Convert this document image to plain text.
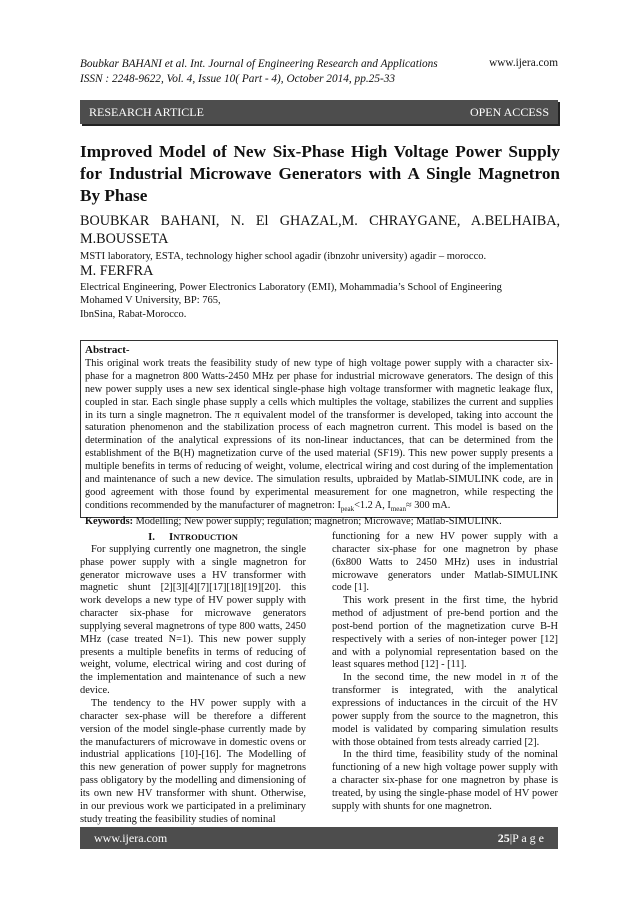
Boubkar BAHANI et al. Int. Journal of Engineering Research and Applications
ISSN : 2248-9622, Vol. 4, Issue 10( Part - 4), October 2014, pp.25-33
www.ijera.com
RESEARCH ARTICLE	OPEN ACCESS
Improved Model of New Six-Phase High Voltage Power Supply for Industrial Microwave Generators with A Single Magnetron By Phase
BOUBKAR BAHANI, N. El GHAZAL,M. CHRAYGANE, A.BELHAIBA, M.BOUSSETA
MSTI laboratory, ESTA, technology higher school agadir (ibnzohr university) agadir – morocco.
M. FERFRA
Electrical Engineering, Power Electronics Laboratory (EMI), Mohammadia’s School of Engineering
Mohamed V University, BP: 765,
IbnSina, Rabat-Morocco.
Abstract-
This original work treats the feasibility study of new type of high voltage power supply with a character six-phase for a magnetron 800 Watts-2450 MHz per phase for industrial microwave generators. The design of this new power supply uses a new sex identical single-phase high voltage transformer with magnetic leakage flux, coupled in star. Each single phase supply a cells which multiples the voltage, stabilizes the current and supplies in its turn a single magnetron. The π equivalent model of the transformer is developed, taking into account the saturation phenomenon and the stabilization process of each magnetron current. This model is based on the determination of the analytical expressions of its non-linear inductances, that can be determined from the establishment of the B(H) magnetization curve of the used material (SF19). This new power supply presents a multiple benefits in terms of reducing of weight, volume, electrical wiring and cost during of the implementation and maintenance of such a new device. The simulation results, upbraided by Matlab-SIMULINK code, are in good agreement with those found by experimental measurement for one magnetron, while respecting the conditions recommended by the manufacturer of magnetron: $I_{peak}<1.2$ A, $I_{mean}\approx 300$ mA.
Keywords: Modelling; New power supply; regulation; magnetron; Microwave; Matlab-SIMULINK.

I. INTRODUCTION

For supplying currently one magnetron, the single phase power supply with a single magnetron for generator microwave uses a HV transformer with magnetic shunt [2][3][4][7][17][18][19][20]. this work develops a new type of HV power supply with character six-phase for microwave generators supplying several magnetrons of type 800 watts, 2450 MHz (case treated N=1). This new power supply presents a multiple benefits in terms of reducing of weight, volume, electrical wiring and cost during of the implementation and maintenance of such a new device.

The tendency to the HV power supply with a character sex-phase will be therefore a different version of the model single-phase currently made by the manufacturers of microwave in domestic ovens or industrial applications [10]-[16]. The Modelling of this new generation of power supply for magnetrons pass obligatory by the modelling and dimensioning of its own new HV transformer with shunt. Otherwise, in our previous work we participated in a preliminary study treating the feasibility studies of nominal

functioning for a new HV power supply with a character six-phase for one magnetron by phase (6x800 Watts to 2450 MHz) uses in industrial microwave generators under Matlab-SIMULINK code [1].

This work present in the first time, the hybrid method of adjustment of pre-bend portion and the post-bend portion of the magnetization curve B-H respectively with a series of non-integer power [12] and with a polynomial representation based on the least squares method [12] - [11].

In the second time, the new model in π of the transformer is integrated, with the analytical expressions of inductances in the circuit of the HV power supply from the source to the magnetron, this model is validated by comparing simulation results with those obtained from tests already carried [2].

In the third time, feasibility study of the nominal functioning of a new high voltage power supply with a character six-phase for one magnetron by phase is treated, by using the single-phase model of HV power supply with shunts for one magnetron.

www.ijera.com	25|P a g e
